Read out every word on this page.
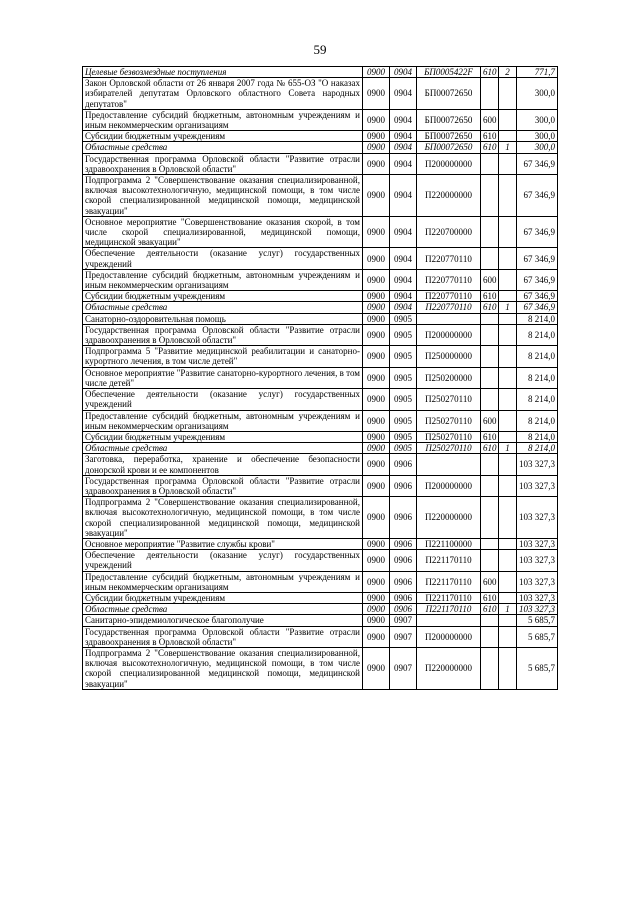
59
Целевые безвозмездные поступления	0900	0904	БП0005422F	610	2	771,7
Закон Орловской области от 26 января 2007 года № 655-ОЗ "О наказах избирателей депутатам Орловского областного Совета народных депутатов"	0900	0904	БП00072650			300,0
Предоставление субсидий бюджетным, автономным учреждениям и иным некоммерческим организациям	0900	0904	БП00072650	600		300,0
Субсидии бюджетным учреждениям	0900	0904	БП00072650	610		300,0
Областные средства	0900	0904	БП00072650	610	1	300,0
Государственная программа Орловской области "Развитие отрасли здравоохранения в Орловской области"	0900	0904	П200000000			67 346,9
Подпрограмма 2 "Совершенствование оказания специализированной, включая высокотехнологичную, медицинской помощи, в том числе скорой специализированной медицинской помощи, медицинской эвакуации"	0900	0904	П220000000			67 346,9
Основное мероприятие "Совершенствование оказания скорой, в том числе скорой специализированной, медицинской помощи, медицинской эвакуации"	0900	0904	П220700000			67 346,9
Обеспечение деятельности (оказание услуг) государственных учреждений	0900	0904	П220770110			67 346,9
Предоставление субсидий бюджетным, автономным учреждениям и иным некоммерческим организациям	0900	0904	П220770110	600		67 346,9
Субсидии бюджетным учреждениям	0900	0904	П220770110	610		67 346,9
Областные средства	0900	0904	П220770110	610	1	67 346,9
Санаторно-оздоровительная помощь	0900	0905				8 214,0
Государственная программа Орловской области "Развитие отрасли здравоохранения в Орловской области"	0900	0905	П200000000			8 214,0
Подпрограмма 5 "Развитие медицинской реабилитации и санаторно-курортного лечения, в том числе детей"	0900	0905	П250000000			8 214,0
Основное мероприятие "Развитие санаторно-курортного лечения, в том числе детей"	0900	0905	П250200000			8 214,0
Обеспечение деятельности (оказание услуг) государственных учреждений	0900	0905	П250270110			8 214,0
Предоставление субсидий бюджетным, автономным учреждениям и иным некоммерческим организациям	0900	0905	П250270110	600		8 214,0
Субсидии бюджетным учреждениям	0900	0905	П250270110	610		8 214,0
Областные средства	0900	0905	П250270110	610	1	8 214,0
Заготовка, переработка, хранение и обеспечение безопасности донорской крови и ее компонентов	0900	0906				103 327,3
Государственная программа Орловской области "Развитие отрасли здравоохранения в Орловской области"	0900	0906	П200000000			103 327,3
Подпрограмма 2 "Совершенствование оказания специализированной, включая высокотехнологичную, медицинской помощи, в том числе скорой специализированной медицинской помощи, медицинской эвакуации"	0900	0906	П220000000			103 327,3
Основное мероприятие "Развитие службы крови"	0900	0906	П221100000			103 327,3
Обеспечение деятельности (оказание услуг) государственных учреждений	0900	0906	П221170110			103 327,3
Предоставление субсидий бюджетным, автономным учреждениям и иным некоммерческим организациям	0900	0906	П221170110	600		103 327,3
Субсидии бюджетным учреждениям	0900	0906	П221170110	610		103 327,3
Областные средства	0900	0906	П221170110	610	1	103 327,3
Санитарно-эпидемиологическое благополучие	0900	0907				5 685,7
Государственная программа Орловской области "Развитие отрасли здравоохранения в Орловской области"	0900	0907	П200000000			5 685,7
Подпрограмма 2 "Совершенствование оказания специализированной, включая высокотехнологичную, медицинской помощи, в том числе скорой специализированной медицинской помощи, медицинской эвакуации"	0900	0907	П220000000			5 685,7
